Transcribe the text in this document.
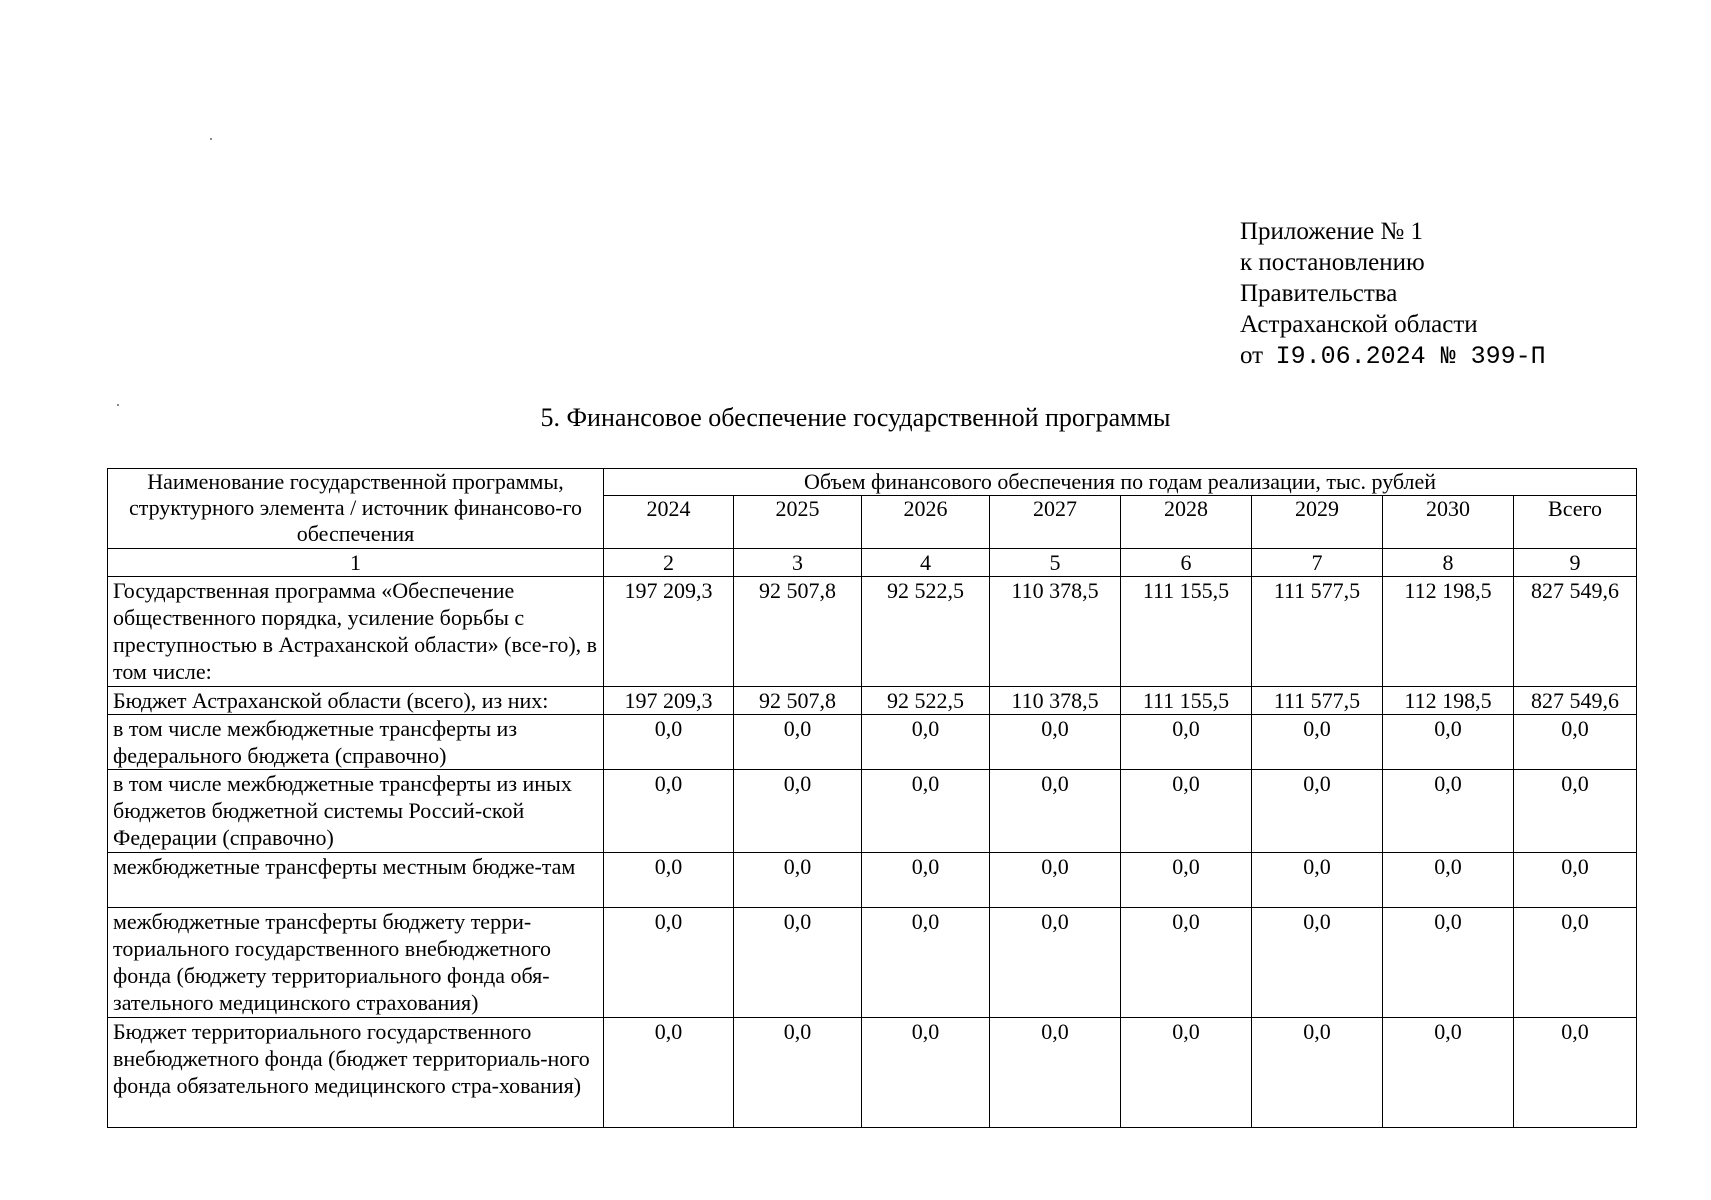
Приложение № 1
к постановлению
Правительства
Астраханской области
от I9.06.2024 № 399-П
5. Финансовое обеспечение государственной программы
Наименование государственной программы, структурного элемента / источник финансово-го обеспечения	Объем финансового обеспечения по годам реализации, тыс. рублей							
	2024	2025	2026	2027	2028	2029	2030	Всего
1	2	3	4	5	6	7	8	9
Государственная программа «Обеспечение общественного порядка, усиление борьбы с преступностью в Астраханской области» (все-го), в том числе:	197 209,3	92 507,8	92 522,5	110 378,5	111 155,5	111 577,5	112 198,5	827 549,6
Бюджет Астраханской области (всего), из них:	197 209,3	92 507,8	92 522,5	110 378,5	111 155,5	111 577,5	112 198,5	827 549,6
в том числе межбюджетные трансферты из федерального бюджета (справочно)	0,0	0,0	0,0	0,0	0,0	0,0	0,0	0,0
в том числе межбюджетные трансферты из иных бюджетов бюджетной системы Россий-ской Федерации (справочно)	0,0	0,0	0,0	0,0	0,0	0,0	0,0	0,0
межбюджетные трансферты местным бюдже-там	0,0	0,0	0,0	0,0	0,0	0,0	0,0	0,0
межбюджетные трансферты бюджету терри-ториального государственного внебюджетного фонда (бюджету территориального фонда обя-зательного медицинского страхования)	0,0	0,0	0,0	0,0	0,0	0,0	0,0	0,0
Бюджет территориального государственного внебюджетного фонда (бюджет территориаль-ного фонда обязательного медицинского стра-хования)	0,0	0,0	0,0	0,0	0,0	0,0	0,0	0,0
